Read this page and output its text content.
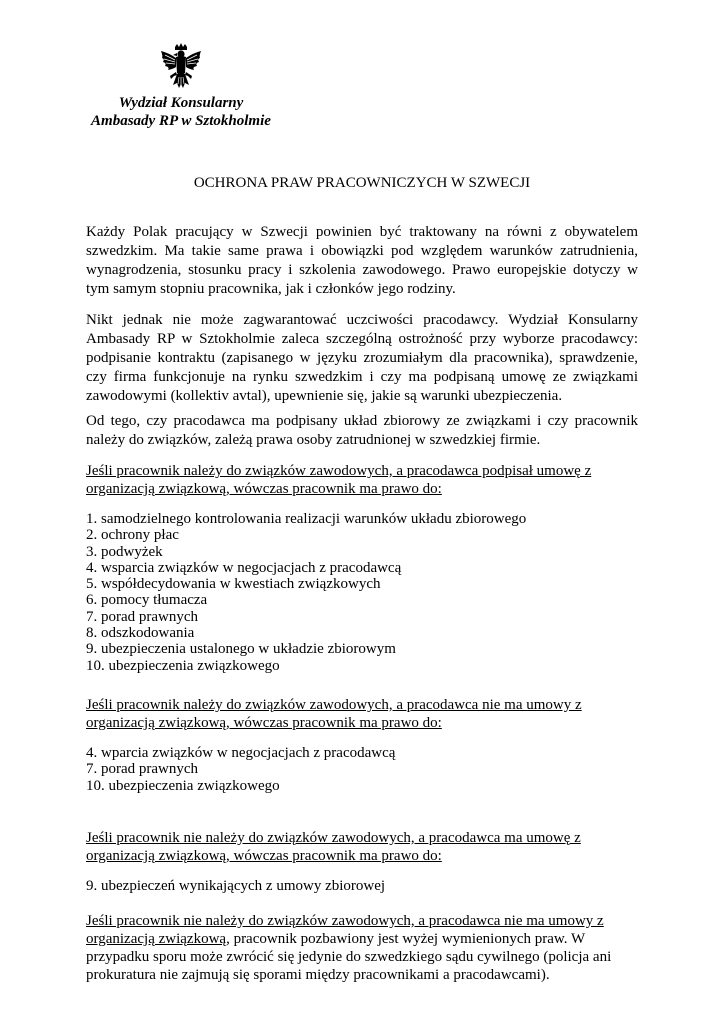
Wydział Konsularny
Ambasady RP w Sztokholmie
OCHRONA PRAW PRACOWNICZYCH W SZWECJI

Każdy Polak pracujący w Szwecji powinien być traktowany na równi z obywatelem szwedzkim. Ma takie same prawa i obowiązki pod względem warunków zatrudnienia, wynagrodzenia, stosunku pracy i szkolenia zawodowego. Prawo europejskie dotyczy w tym samym stopniu pracownika, jak i członków jego rodziny.

Nikt jednak nie może zagwarantować uczciwości pracodawcy. Wydział Konsularny Ambasady RP w Sztokholmie zaleca szczególną ostrożność przy wyborze pracodawcy: podpisanie kontraktu (zapisanego w języku zrozumiałym dla pracownika), sprawdzenie, czy firma funkcjonuje na rynku szwedzkim i czy ma podpisaną umowę ze związkami zawodowymi (kollektiv avtal), upewnienie się, jakie są warunki ubezpieczenia.

Od tego, czy pracodawca ma podpisany układ zbiorowy ze związkami i czy pracownik należy do związków, zależą prawa osoby zatrudnionej w szwedzkiej firmie.

Jeśli pracownik należy do związków zawodowych, a pracodawca podpisał umowę z
organizacją związkową, wówczas pracownik ma prawo do:
1. samodzielnego kontrolowania realizacji warunków układu zbiorowego
2. ochrony płac
3. podwyżek
4. wsparcia związków w negocjacjach z pracodawcą
5. współdecydowania w kwestiach związkowych
6. pomocy tłumacza
7. porad prawnych
8. odszkodowania
9. ubezpieczenia ustalonego w układzie zbiorowym
10. ubezpieczenia związkowego
Jeśli pracownik należy do związków zawodowych, a pracodawca nie ma umowy z
organizacją związkową, wówczas pracownik ma prawo do:
4. wparcia związków w negocjacjach z pracodawcą
7. porad prawnych
10. ubezpieczenia związkowego
Jeśli pracownik nie należy do związków zawodowych, a pracodawca ma umowę z
organizacją związkową, wówczas pracownik ma prawo do:
9. ubezpieczeń wynikających z umowy zbiorowej
Jeśli pracownik nie należy do związków zawodowych, a pracodawca nie ma umowy z
organizacją związkową, pracownik pozbawiony jest wyżej wymienionych praw. W
przypadku sporu może zwrócić się jedynie do szwedzkiego sądu cywilnego (policja ani
prokuratura nie zajmują się sporami między pracownikami a pracodawcami).
